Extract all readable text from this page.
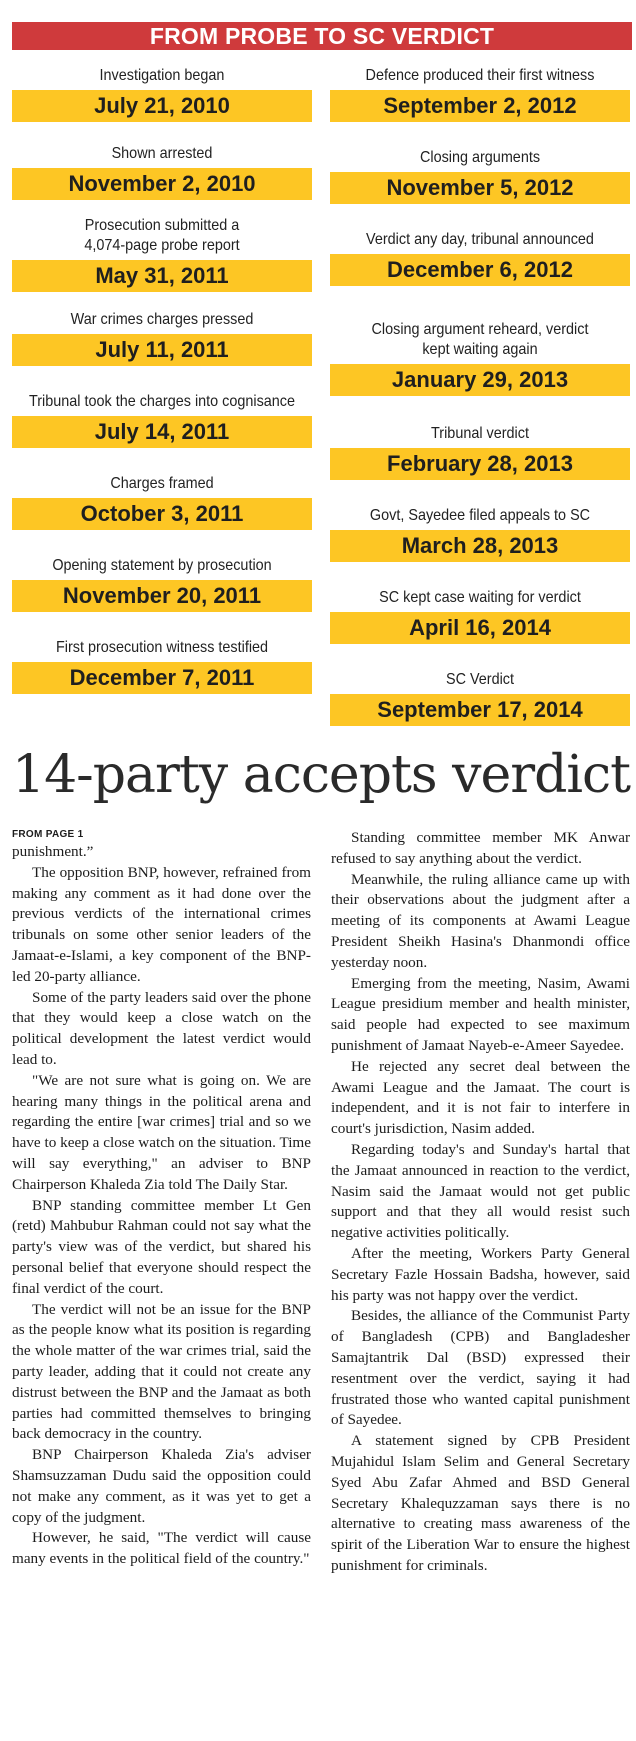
FROM PROBE TO SC VERDICT
Investigation began
July 21, 2010
Shown arrested
November 2, 2010
Prosecution submitted a
4,074-page probe report
May 31, 2011
War crimes charges pressed
July 11, 2011
Tribunal took the charges into cognisance
July 14, 2011
Charges framed
October 3, 2011
Opening statement by prosecution
November 20, 2011
First prosecution witness testified
December 7, 2011
Defence produced their first witness
September 2, 2012
Closing arguments
November 5, 2012
Verdict any day, tribunal announced
December 6, 2012
Closing argument reheard, verdict
kept waiting again
January 29, 2013
Tribunal verdict
February 28, 2013
Govt, Sayedee filed appeals to SC
March 28, 2013
SC kept case waiting for verdict
April 16, 2014
SC Verdict
September 17, 2014
14-party accepts verdict
FROM PAGE 1

punishment.”

The opposition BNP, however, refrained from making any comment as it had done over the previous verdicts of the international crimes tribunals on some other senior leaders of the Jamaat-e-Islami, a key component of the BNP-led 20-party alliance.

Some of the party leaders said over the phone that they would keep a close watch on the political development the latest verdict would lead to.

"We are not sure what is going on. We are hearing many things in the political arena and regarding the entire [war crimes] trial and so we have to keep a close watch on the situation. Time will say everything," an adviser to BNP Chairperson Khaleda Zia told The Daily Star.

BNP standing committee member Lt Gen (retd) Mahbubur Rahman could not say what the party's view was of the verdict, but shared his personal belief that everyone should respect the final verdict of the court.

The verdict will not be an issue for the BNP as the people know what its position is regarding the whole matter of the war crimes trial, said the party leader, adding that it could not create any distrust between the BNP and the Jamaat as both parties had committed themselves to bringing back democracy in the country.

BNP Chairperson Khaleda Zia's adviser Shamsuzzaman Dudu said the opposition could not make any comment, as it was yet to get a copy of the judgment.

However, he said, "The verdict will cause many events in the political field of the country."

Standing committee member MK Anwar refused to say anything about the verdict.

Meanwhile, the ruling alliance came up with their observations about the judgment after a meeting of its components at Awami League President Sheikh Hasina's Dhanmondi office yesterday noon.

Emerging from the meeting, Nasim, Awami League presidium member and health minister, said people had expected to see maximum punishment of Jamaat Nayeb-e-Ameer Sayedee.

He rejected any secret deal between the Awami League and the Jamaat. The court is independent, and it is not fair to interfere in court's jurisdiction, Nasim added.

Regarding today's and Sunday's hartal that the Jamaat announced in reaction to the verdict, Nasim said the Jamaat would not get public support and that they all would resist such negative activities politically.

After the meeting, Workers Party General Secretary Fazle Hossain Badsha, however, said his party was not happy over the verdict.

Besides, the alliance of the Communist Party of Bangladesh (CPB) and Bangladesher Samajtantrik Dal (BSD) expressed their resentment over the verdict, saying it had frustrated those who wanted capital punishment of Sayedee.

A statement signed by CPB President Mujahidul Islam Selim and General Secretary Syed Abu Zafar Ahmed and BSD General Secretary Khalequzzaman says there is no alternative to creating mass awareness of the spirit of the Liberation War to ensure the highest punishment for criminals.
